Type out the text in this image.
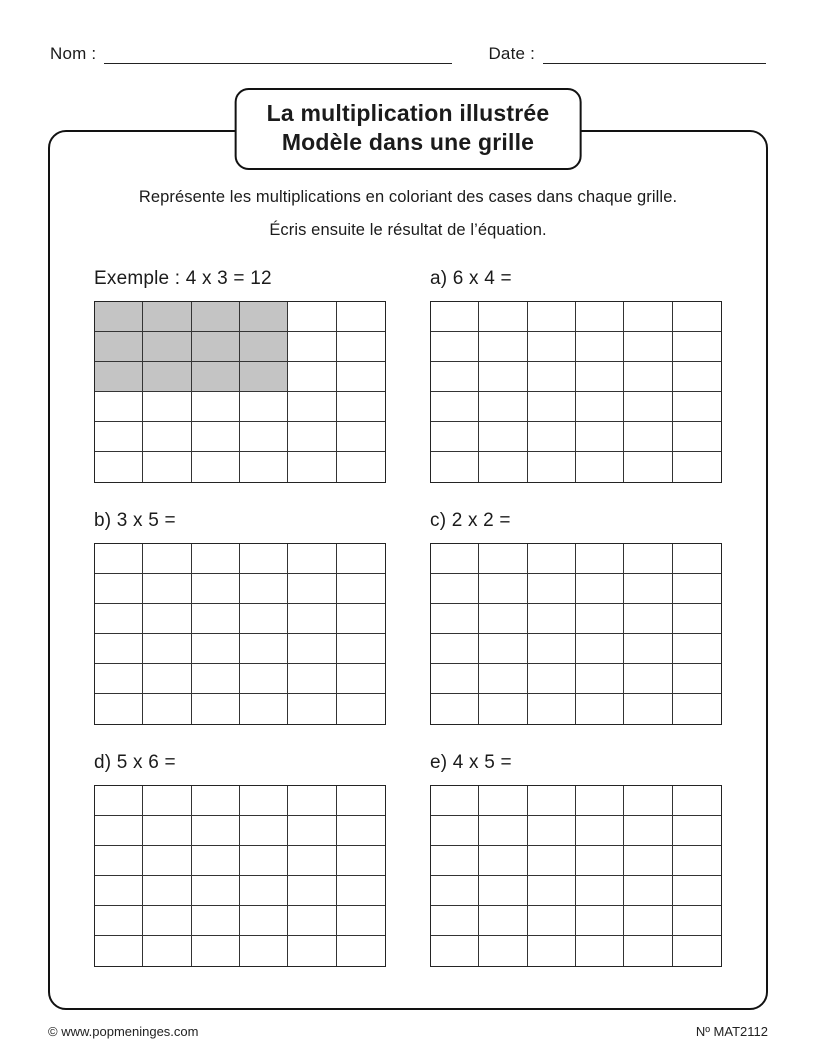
Nom :	Date :
La multiplication illustrée
Modèle dans une grille

Représente les multiplications en coloriant des cases dans chaque grille.

Écris ensuite le résultat de l’équation.

Exemple : 4 x 3 = 12	a) 6 x 4 =
b) 3 x 5 =	c) 2 x 2 =
d) 5 x 6 =	e) 4 x 5 =
© www.popmeninges.com	Nº MAT2112
